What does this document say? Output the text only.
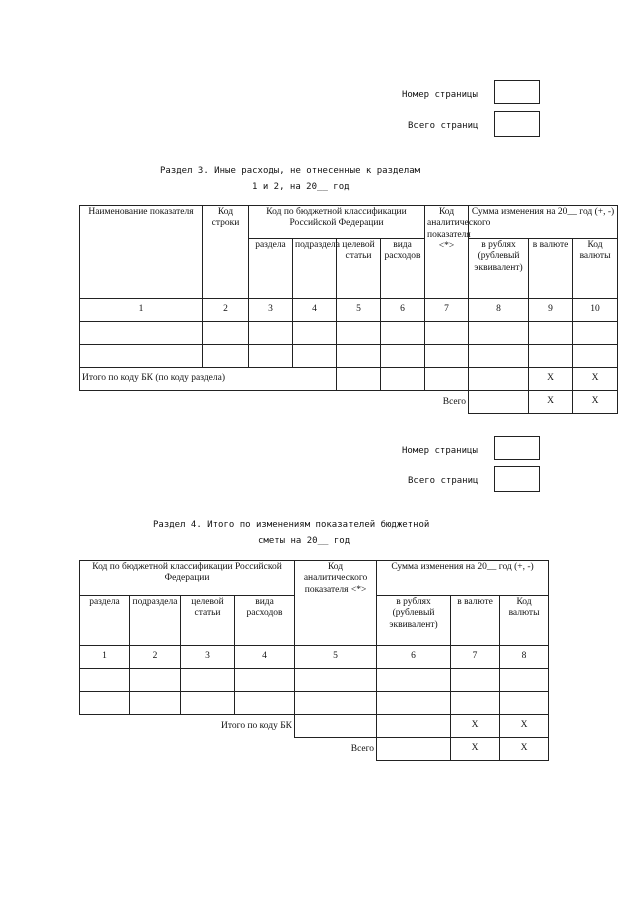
Номер страницы
Всего страниц
Раздел 3. Иные расходы, не отнесенные к разделам
1 и 2, на 20__ год
Наименование показателя	Код строки	Код по бюджетной классификации Российской Федерации				Код аналитического показателя <*>	Сумма изменения на 20__ год (+, -)		
		раздела	подраздела	целевой статьи	вида расходов		в рублях (рублевый эквивалент)	в валюте	Код валюты
1	2	3	4	5	6	7	8	9	10

Итого по коду БК (по коду раздела)								X	X
Всего								X	X
Номер страницы
Всего страниц
Раздел 4. Итого по изменениям показателей бюджетной
сметы на 20__ год
Код по бюджетной классификации Российской Федерации				Код аналитического показателя <*>	Сумма изменения на 20__ год (+, -)		
раздела	подраздела	целевой статьи	вида расходов		в рублях (рублевый эквивалент)	в валюте	Код валюты
1	2	3	4	5	6	7	8

Итого по коду БК						X	X
Всего						X	X
